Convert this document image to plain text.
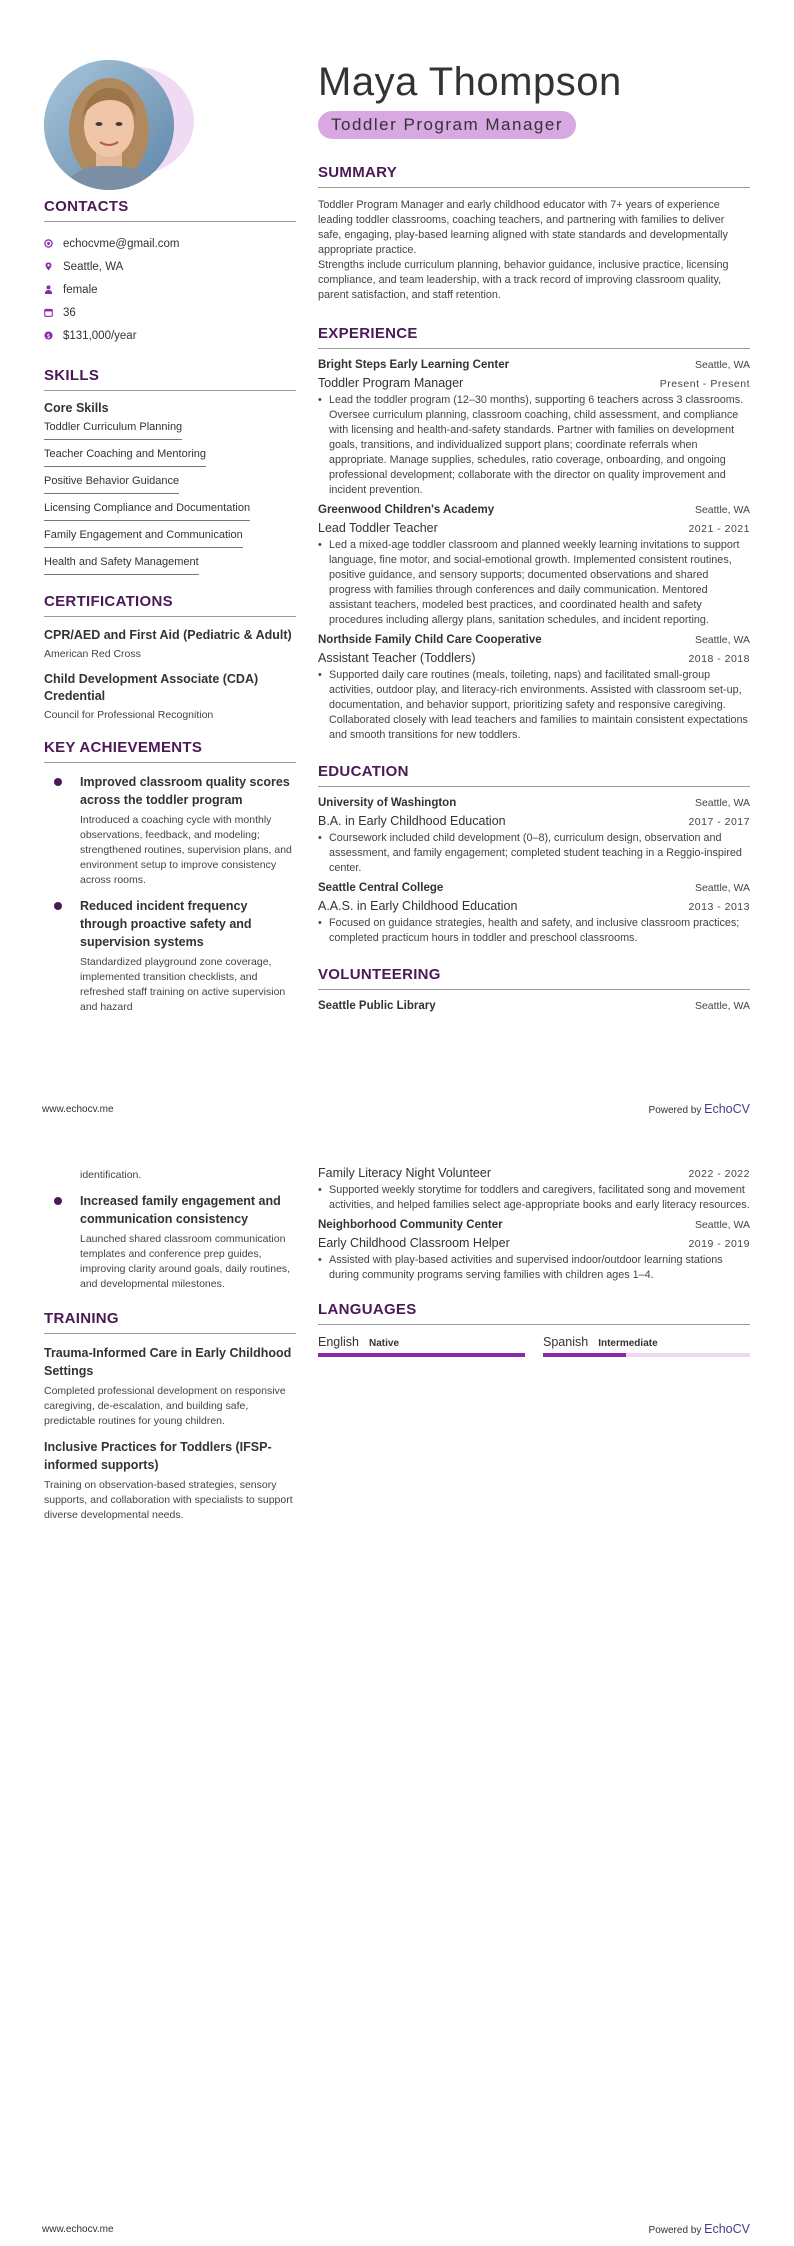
Maya Thompson
Toddler Program Manager
CONTACTS
echocvme@gmail.com
Seattle, WA
female
36
$ $131,000/year
SKILLS
Core Skills
Toddler Curriculum Planning
Teacher Coaching and Mentoring
Positive Behavior Guidance
Licensing Compliance and Documentation
Family Engagement and Communication
Health and Safety Management
CERTIFICATIONS
CPR/AED and First Aid (Pediatric & Adult)
American Red Cross
Child Development Associate (CDA) Credential
Council for Professional Recognition
KEY ACHIEVEMENTS
Improved classroom quality scores across the toddler program
Introduced a coaching cycle with monthly observations, feedback, and modeling; strengthened routines, supervision plans, and environment setup to improve consistency across rooms.
Reduced incident frequency through proactive safety and supervision systems
Standardized playground zone coverage, implemented transition checklists, and refreshed staff training on active supervision and hazard
SUMMARY

Toddler Program Manager and early childhood educator with 7+ years of experience leading toddler classrooms, coaching teachers, and partnering with families to deliver safe, engaging, play-based learning aligned with state standards and developmentally appropriate practice.

Strengths include curriculum planning, behavior guidance, inclusive practice, licensing compliance, and team leadership, with a track record of improving classroom quality, parent satisfaction, and staff retention.

EXPERIENCE
Bright Steps Early Learning Center	Seattle, WA
Toddler Program Manager	Present - Present
• Lead the toddler program (12–30 months), supporting 6 teachers across 3 classrooms. Oversee curriculum planning, classroom coaching, child assessment, and compliance with licensing and health-and-safety standards. Partner with families on development goals, transitions, and individualized support plans; coordinate referrals when appropriate. Manage supplies, schedules, ratio coverage, onboarding, and ongoing professional development; collaborate with the director on quality improvement and incident prevention.
Greenwood Children's Academy	Seattle, WA
Lead Toddler Teacher	2021 - 2021
• Led a mixed-age toddler classroom and planned weekly learning invitations to support language, fine motor, and social-emotional growth. Implemented consistent routines, positive guidance, and sensory supports; documented observations and shared progress with families through conferences and daily communication. Mentored assistant teachers, modeled best practices, and coordinated health and safety procedures including allergy plans, sanitation schedules, and incident reporting.
Northside Family Child Care Cooperative	Seattle, WA
Assistant Teacher (Toddlers)	2018 - 2018
• Supported daily care routines (meals, toileting, naps) and facilitated small-group activities, outdoor play, and literacy-rich environments. Assisted with classroom set-up, documentation, and behavior support, prioritizing safety and responsive caregiving. Collaborated closely with lead teachers and families to maintain consistent expectations and smooth transitions for new toddlers.
EDUCATION
University of Washington	Seattle, WA
B.A. in Early Childhood Education	2017 - 2017
• Coursework included child development (0–8), curriculum design, observation and assessment, and family engagement; completed student teaching in a Reggio-inspired center.
Seattle Central College	Seattle, WA
A.A.S. in Early Childhood Education	2013 - 2013
• Focused on guidance strategies, health and safety, and inclusive classroom practices; completed practicum hours in toddler and preschool classrooms.
VOLUNTEERING
Seattle Public Library	Seattle, WA
www.echocv.me	Powered by EchoCV
identification.
Increased family engagement and communication consistency
Launched shared classroom communication templates and conference prep guides, improving clarity around goals, daily routines, and developmental milestones.
TRAINING
Trauma-Informed Care in Early Childhood Settings
Completed professional development on responsive caregiving, de-escalation, and building safe, predictable routines for young children.
Inclusive Practices for Toddlers (IFSP-informed supports)
Training on observation-based strategies, sensory supports, and collaboration with specialists to support diverse developmental needs.
Family Literacy Night Volunteer	2022 - 2022
• Supported weekly storytime for toddlers and caregivers, facilitated song and movement activities, and helped families select age-appropriate books and early literacy resources.
Neighborhood Community Center	Seattle, WA
Early Childhood Classroom Helper	2019 - 2019
• Assisted with play-based activities and supervised indoor/outdoor learning stations during community programs serving families with children ages 1–4.
LANGUAGES
English Native	Spanish Intermediate
www.echocv.me	Powered by EchoCV
